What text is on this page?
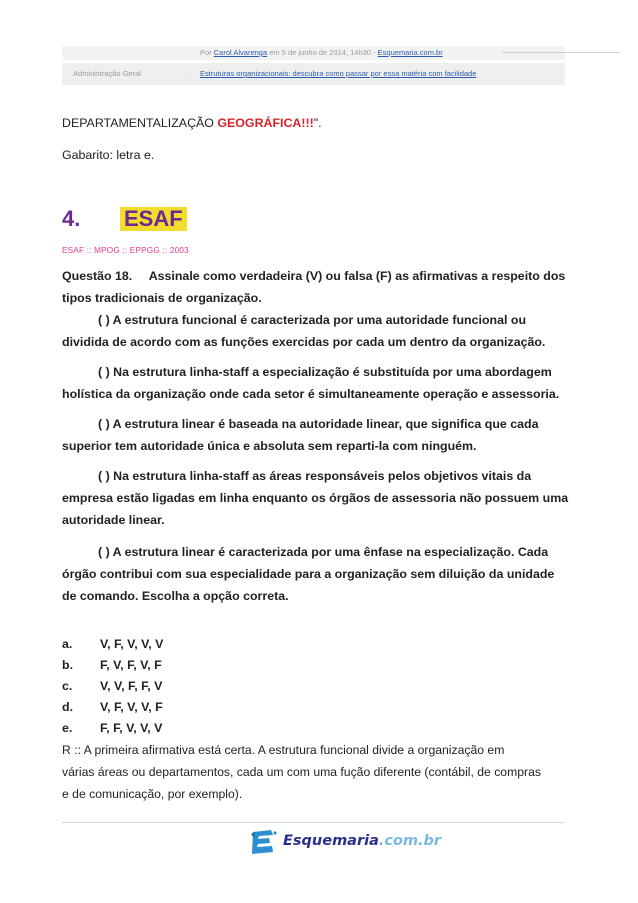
Por Carol Alvarenga em 5 de junho de 2014, 14h30 - Esquemaria.com.br
Administração Geral	: Estruturas organizacionais: descubra como passar por essa matéria com facilidade
DEPARTAMENTALIZAÇÃO GEOGRÁFICA!!!".
Gabarito: letra e.
4. ESAF
ESAF :: MPOG :: EPPGG :: 2003
Questão 18. Assinale como verdadeira (V) ou falsa (F) as afirmativas a respeito dos
tipos tradicionais de organização.
( ) A estrutura funcional é caracterizada por uma autoridade funcional ou
dividida de acordo com as funções exercidas por cada um dentro da organização.
( ) Na estrutura linha-staff a especialização é substituída por uma abordagem
holística da organização onde cada setor é simultaneamente operação e assessoria.
( ) A estrutura linear é baseada na autoridade linear, que significa que cada
superior tem autoridade única e absoluta sem reparti-la com ninguém.
( ) Na estrutura linha-staff as áreas responsáveis pelos objetivos vitais da
empresa estão ligadas em linha enquanto os órgãos de assessoria não possuem uma
autoridade linear.
( ) A estrutura linear é caracterizada por uma ênfase na especialização. Cada
órgão contribui com sua especialidade para a organização sem diluição da unidade
de comando. Escolha a opção correta.
a. V, F, V, V, V
b. F, V, F, V, F
c. V, V, F, F, V
d. V, F, V, V, F
e. F, F, V, V, V
R :: A primeira afirmativa está certa. A estrutura funcional divide a organização em
várias áreas ou departamentos, cada um com uma fução diferente (contábil, de compras
e de comunicação, por exemplo).
Esquemaria.com.br
